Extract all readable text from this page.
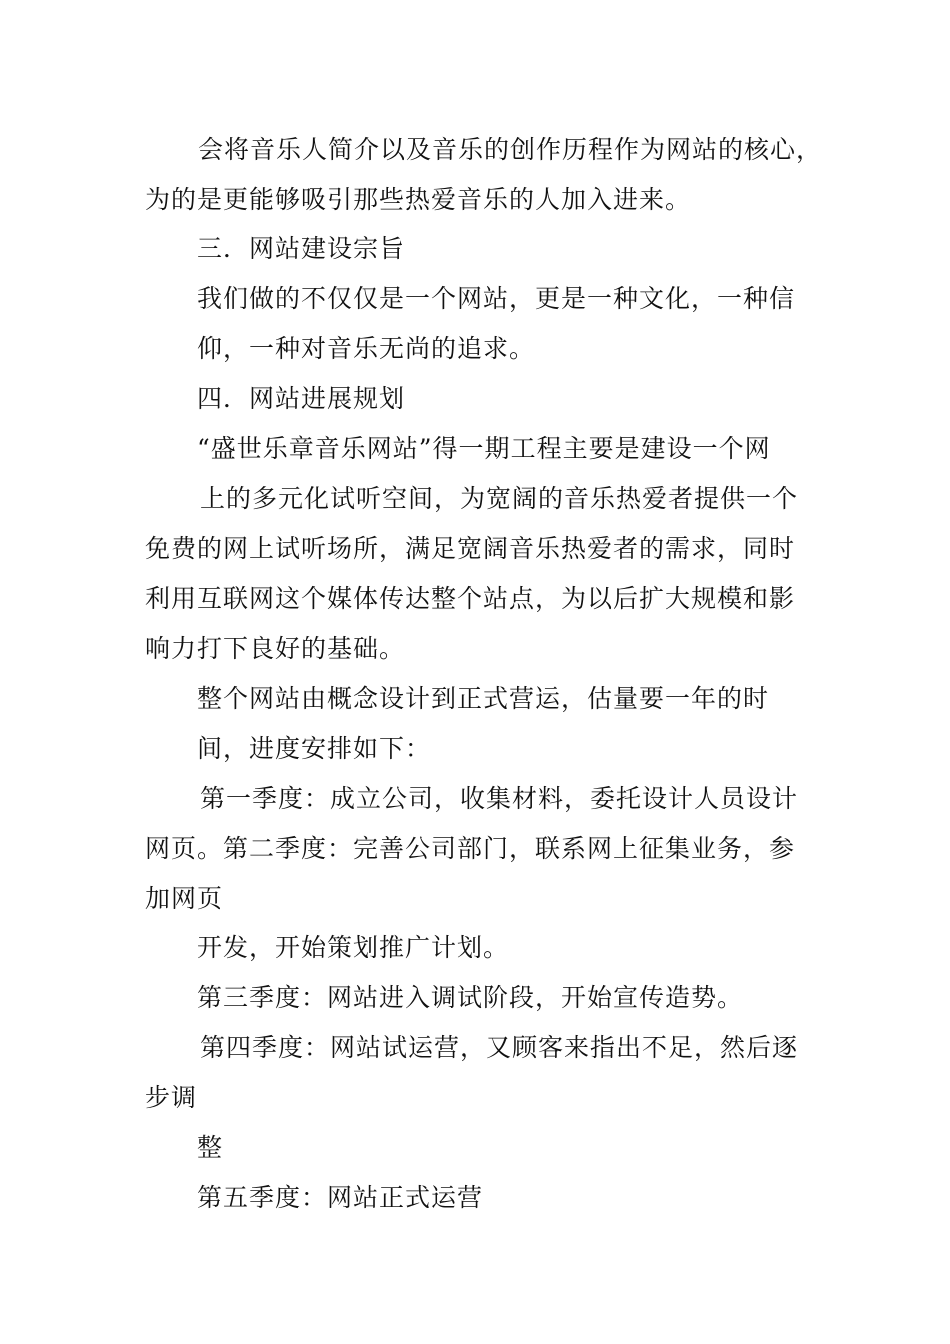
会将音乐人简介以及音乐的创作历程作为网站的核心，
为的是更能够吸引那些热爱音乐的人加入进来。
三．网站建设宗旨
我们做的不仅仅是一个网站，更是一种文化，一种信
仰，一种对音乐无尚的追求。
四．网站进展规划
“盛世乐章音乐网站”得一期工程主要是建设一个网
上的多元化试听空间，为宽阔的音乐热爱者提供一个
免费的网上试听场所，满足宽阔音乐热爱者的需求，同时
利用互联网这个媒体传达整个站点，为以后扩大规模和影
响力打下良好的基础。
整个网站由概念设计到正式营运，估量要一年的时
间，进度安排如下：
第一季度：成立公司，收集材料，委托设计人员设计
网页。第二季度：完善公司部门，联系网上征集业务，参
加网页
开发，开始策划推广计划。
第三季度：网站进入调试阶段，开始宣传造势。
第四季度：网站试运营，又顾客来指出不足，然后逐
步调
整
第五季度：网站正式运营
